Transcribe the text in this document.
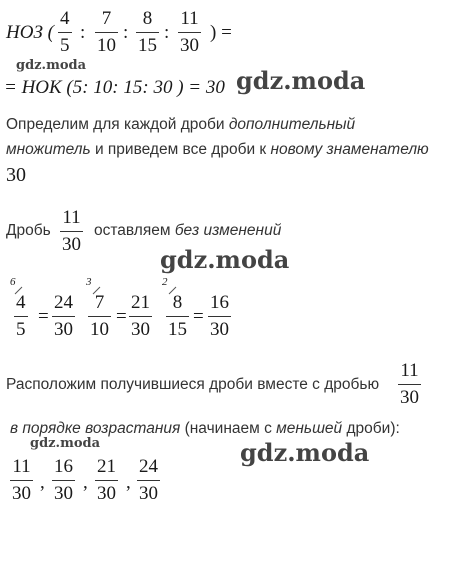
НОЗ (
4
5
:
7
10
:
8
15
:
11
30
) =
gdz.moda
= НОК (5: 10: 15: 30 ) = 30 gdz.moda
Определим для каждой дроби дополнительный
множитель и приведем все дроби к новому знаменателю
30
Дробь
11
30
оставляем без изменений
gdz.moda
6
4
5
=
24
30
3
7
10
=
21
30
2
8
15
=
16
30
Расположим получившиеся дроби вместе с дробью
11
30
в порядке возрастания (начинаем с меньшей дроби):
gdz.moda	gdz.moda
11
30
,
16
30
,
21
30
,
24
30
